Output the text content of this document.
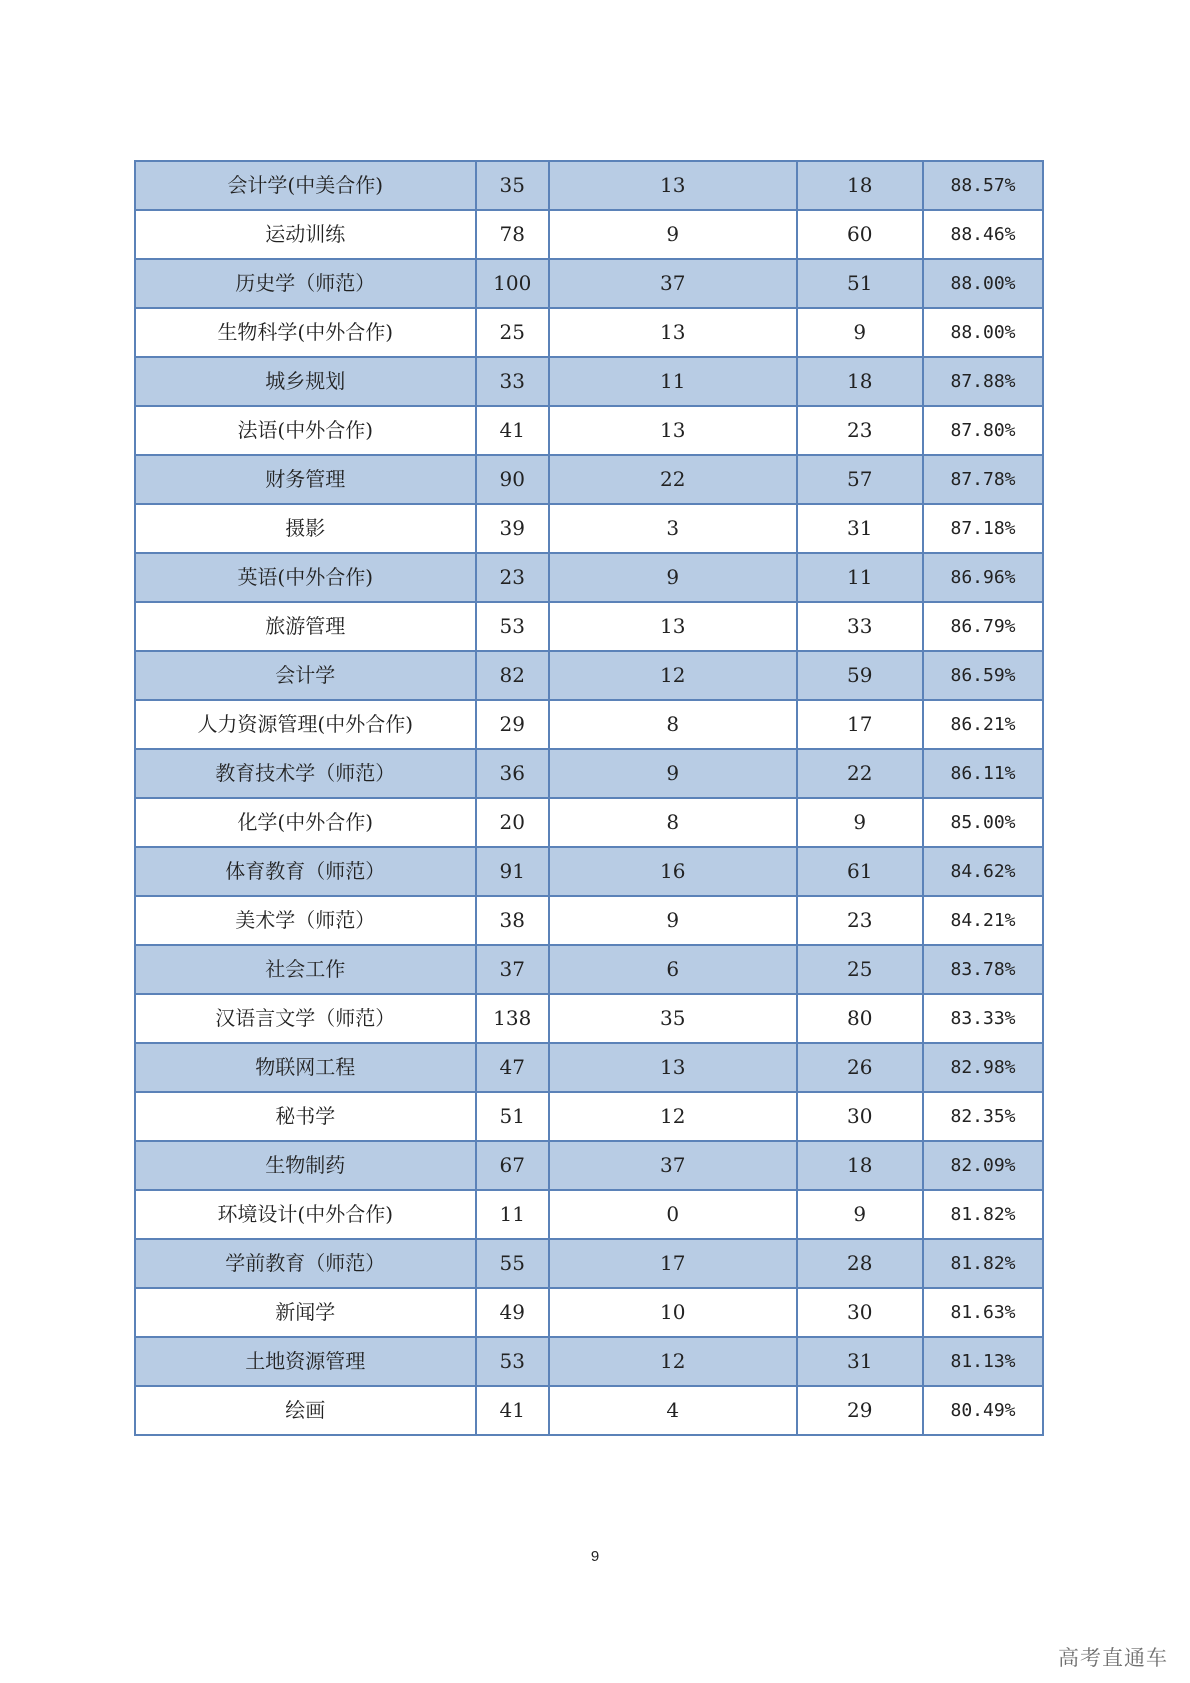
会计学(中美合作)	35	13	18	88.57%
运动训练	78	9	60	88.46%
历史学（师范）	100	37	51	88.00%
生物科学(中外合作)	25	13	9	88.00%
城乡规划	33	11	18	87.88%
法语(中外合作)	41	13	23	87.80%
财务管理	90	22	57	87.78%
摄影	39	3	31	87.18%
英语(中外合作)	23	9	11	86.96%
旅游管理	53	13	33	86.79%
会计学	82	12	59	86.59%
人力资源管理(中外合作)	29	8	17	86.21%
教育技术学（师范）	36	9	22	86.11%
化学(中外合作)	20	8	9	85.00%
体育教育（师范）	91	16	61	84.62%
美术学（师范）	38	9	23	84.21%
社会工作	37	6	25	83.78%
汉语言文学（师范）	138	35	80	83.33%
物联网工程	47	13	26	82.98%
秘书学	51	12	30	82.35%
生物制药	67	37	18	82.09%
环境设计(中外合作)	11	0	9	81.82%
学前教育（师范）	55	17	28	81.82%
新闻学	49	10	30	81.63%
土地资源管理	53	12	31	81.13%
绘画	41	4	29	80.49%
9
高考直通车
